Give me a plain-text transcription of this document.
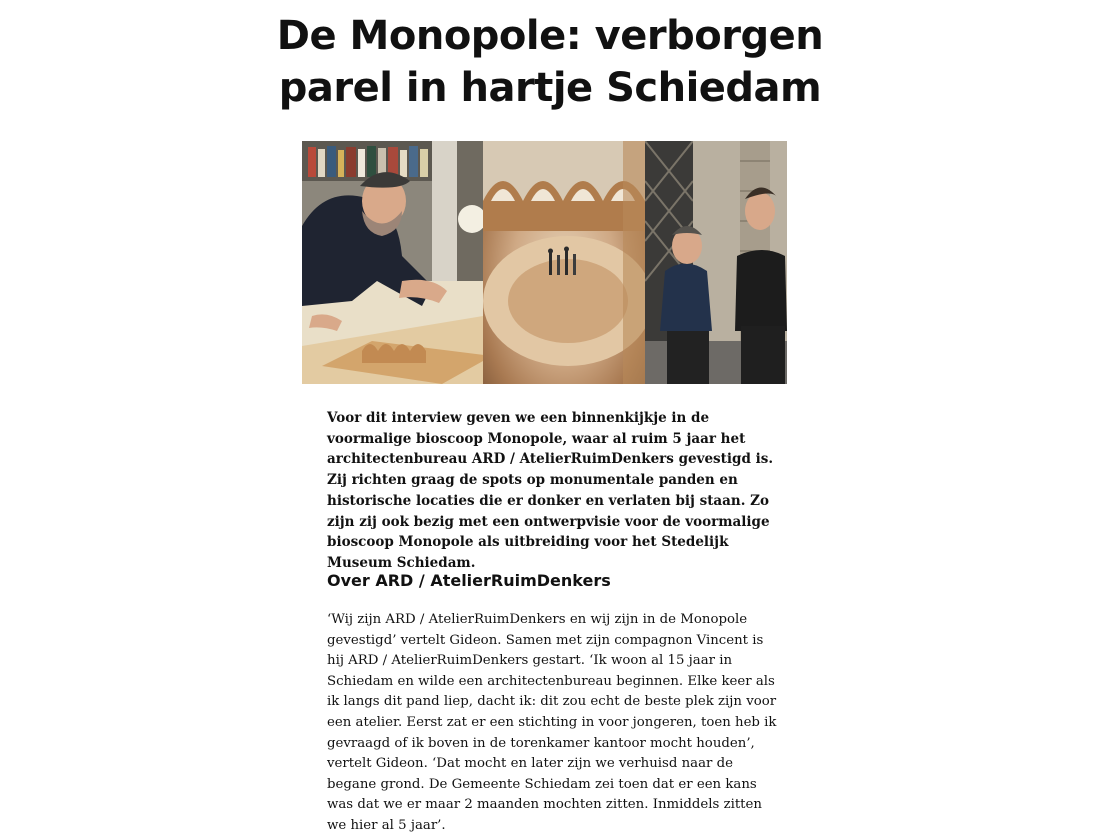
De Monopole: verborgen parel in hartje Schiedam

Voor dit interview geven we een binnenkijkje in de voormalige bioscoop Monopole, waar al ruim 5 jaar het architectenbureau ARD / AtelierRuimDenkers gevestigd is. Zij richten graag de spots op monumentale panden en historische locaties die er donker en verlaten bij staan. Zo zijn zij ook bezig met een ontwerpvisie voor de voormalige bioscoop Monopole als uitbreiding voor het Stedelijk Museum Schiedam.

Over ARD / AtelierRuimDenkers

‘Wij zijn ARD / AtelierRuimDenkers en wij zijn in de Monopole gevestigd’ vertelt Gideon. Samen met zijn compagnon Vincent is hij ARD / AtelierRuimDenkers gestart. ‘Ik woon al 15 jaar in Schiedam en wilde een architectenbureau beginnen. Elke keer als ik langs dit pand liep, dacht ik: dit zou echt de beste plek zijn voor een atelier. Eerst zat er een stichting in voor jongeren, toen heb ik gevraagd of ik boven in de torenkamer kantoor mocht houden’, vertelt Gideon. ‘Dat mocht en later zijn we verhuisd naar de begane grond. De Gemeente Schiedam zei toen dat er een kans was dat we er maar 2 maanden mochten zitten. Inmiddels zitten we hier al 5 jaar’.
